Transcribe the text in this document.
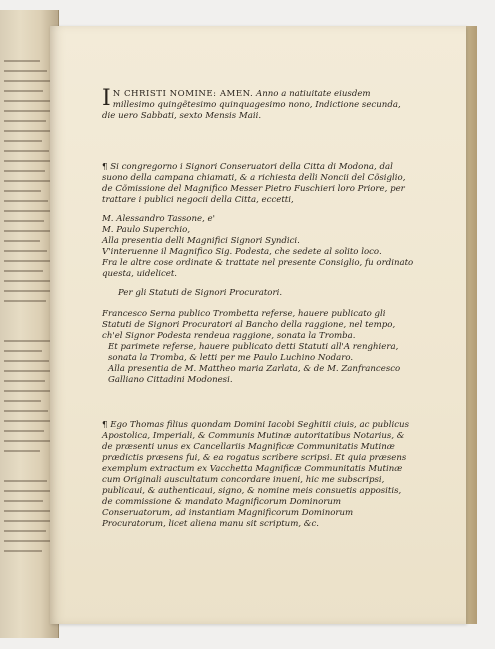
I N CHRISTI NOMINE: AMEN. Anno a natiuitate eiusdem millesimo quingẽtesimo quinquagesimo nono, Indictione secunda, die uero Sabbati, sexto Mensis Maii.
¶ Si congregorno i Signori Conseruatori della Citta di Modona, dal suono della campana chiamati, & a richiesta delli Noncii del Cõsiglio, de Cõmissione del Magnifico Messer Pietro Fuschieri loro Priore, per trattare i publici negocii della Citta, eccetti,
M. Alessandro Tassone, e'
M. Paulo Superchio,
Alla presentia delli Magnifici Signori Syndici.
V'interuenne il Magnifico Sig. Podesta, che sedete al solito loco.
Fra le altre cose ordinate & trattate nel presente Consiglio, fu ordinato questa, uidelicet.
Per gli Statuti de Signori Procuratori.
Francesco Serna publico Trombetta referse, hauere publicato gli Statuti de Signori Procuratori al Bancho della raggione, nel tempo, ch'el Signor Podesta rendeua raggione, sonata la Tromba.
Et parimete referse, hauere publicato detti Statuti all'A renghiera, sonata la Tromba, & letti per me Paulo Luchino Nodaro.
Alla presentia de M. Mattheo maria Zarlata, & de M. Zanfrancesco Galliano Cittadini Modonesi.
¶ Ego Thomas filius quondam Domini Iacobi Seghitii ciuis, ac publicus Apostolica, Imperiali, & Communis Mutinæ autoritatibus Notarius, & de præsenti unus ex Cancellariis Magnificæ Communitatis Mutinæ prædictis præsens fui, & ea rogatus scribere scripsi. Et quia præsens exemplum extractum ex Vacchetta Magnificæ Communitatis Mutinæ cum Originali auscultatum concordare inueni, hic me subscripsi, publicaui, & authenticaui, signo, & nomine meis consuetis appositis, de commissione & mandato Magnificorum Dominorum Conseruatorum, ad instantiam Magnificorum Dominorum Procuratorum, licet aliena manu sit scriptum, &c.
